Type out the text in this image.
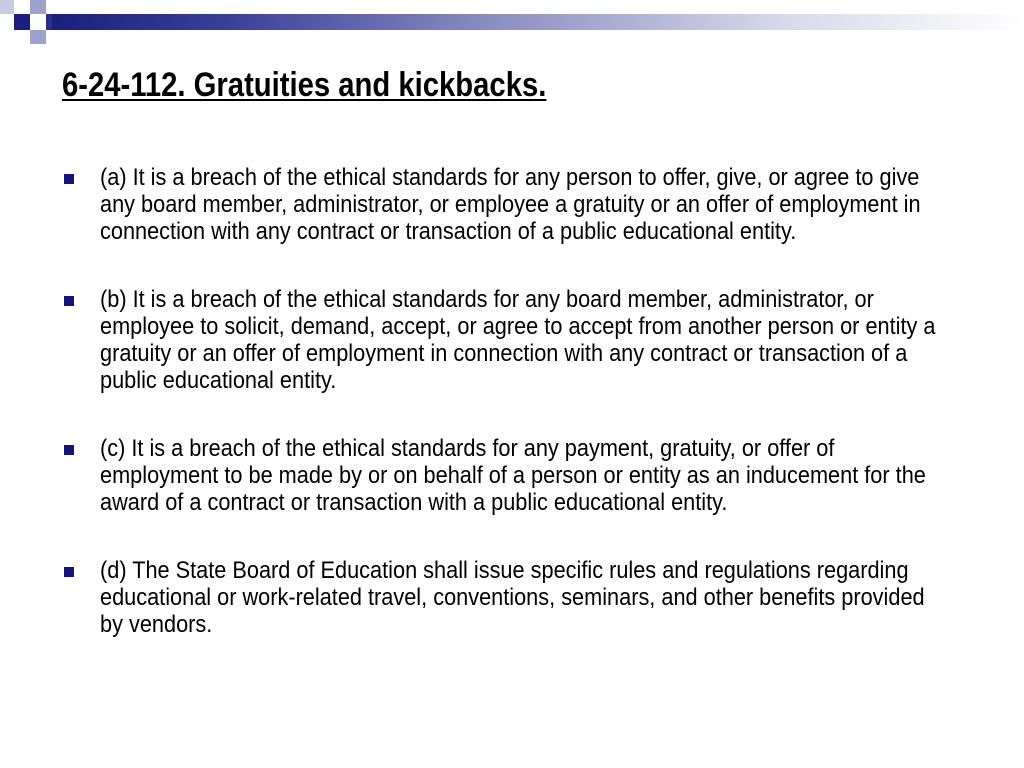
6-24-112. Gratuities and kickbacks.
(a) It is a breach of the ethical standards for any person to offer, give, or agree to give any board member, administrator, or employee a gratuity or an offer of employment in connection with any contract or transaction of a public educational entity.
(b) It is a breach of the ethical standards for any board member, administrator, or employee to solicit, demand, accept, or agree to accept from another person or entity a gratuity or an offer of employment in connection with any contract or transaction of a public educational entity.
(c) It is a breach of the ethical standards for any payment, gratuity, or offer of employment to be made by or on behalf of a person or entity as an inducement for the award of a contract or transaction with a public educational entity.
(d) The State Board of Education shall issue specific rules and regulations regarding educational or work-related travel, conventions, seminars, and other benefits provided by vendors.
